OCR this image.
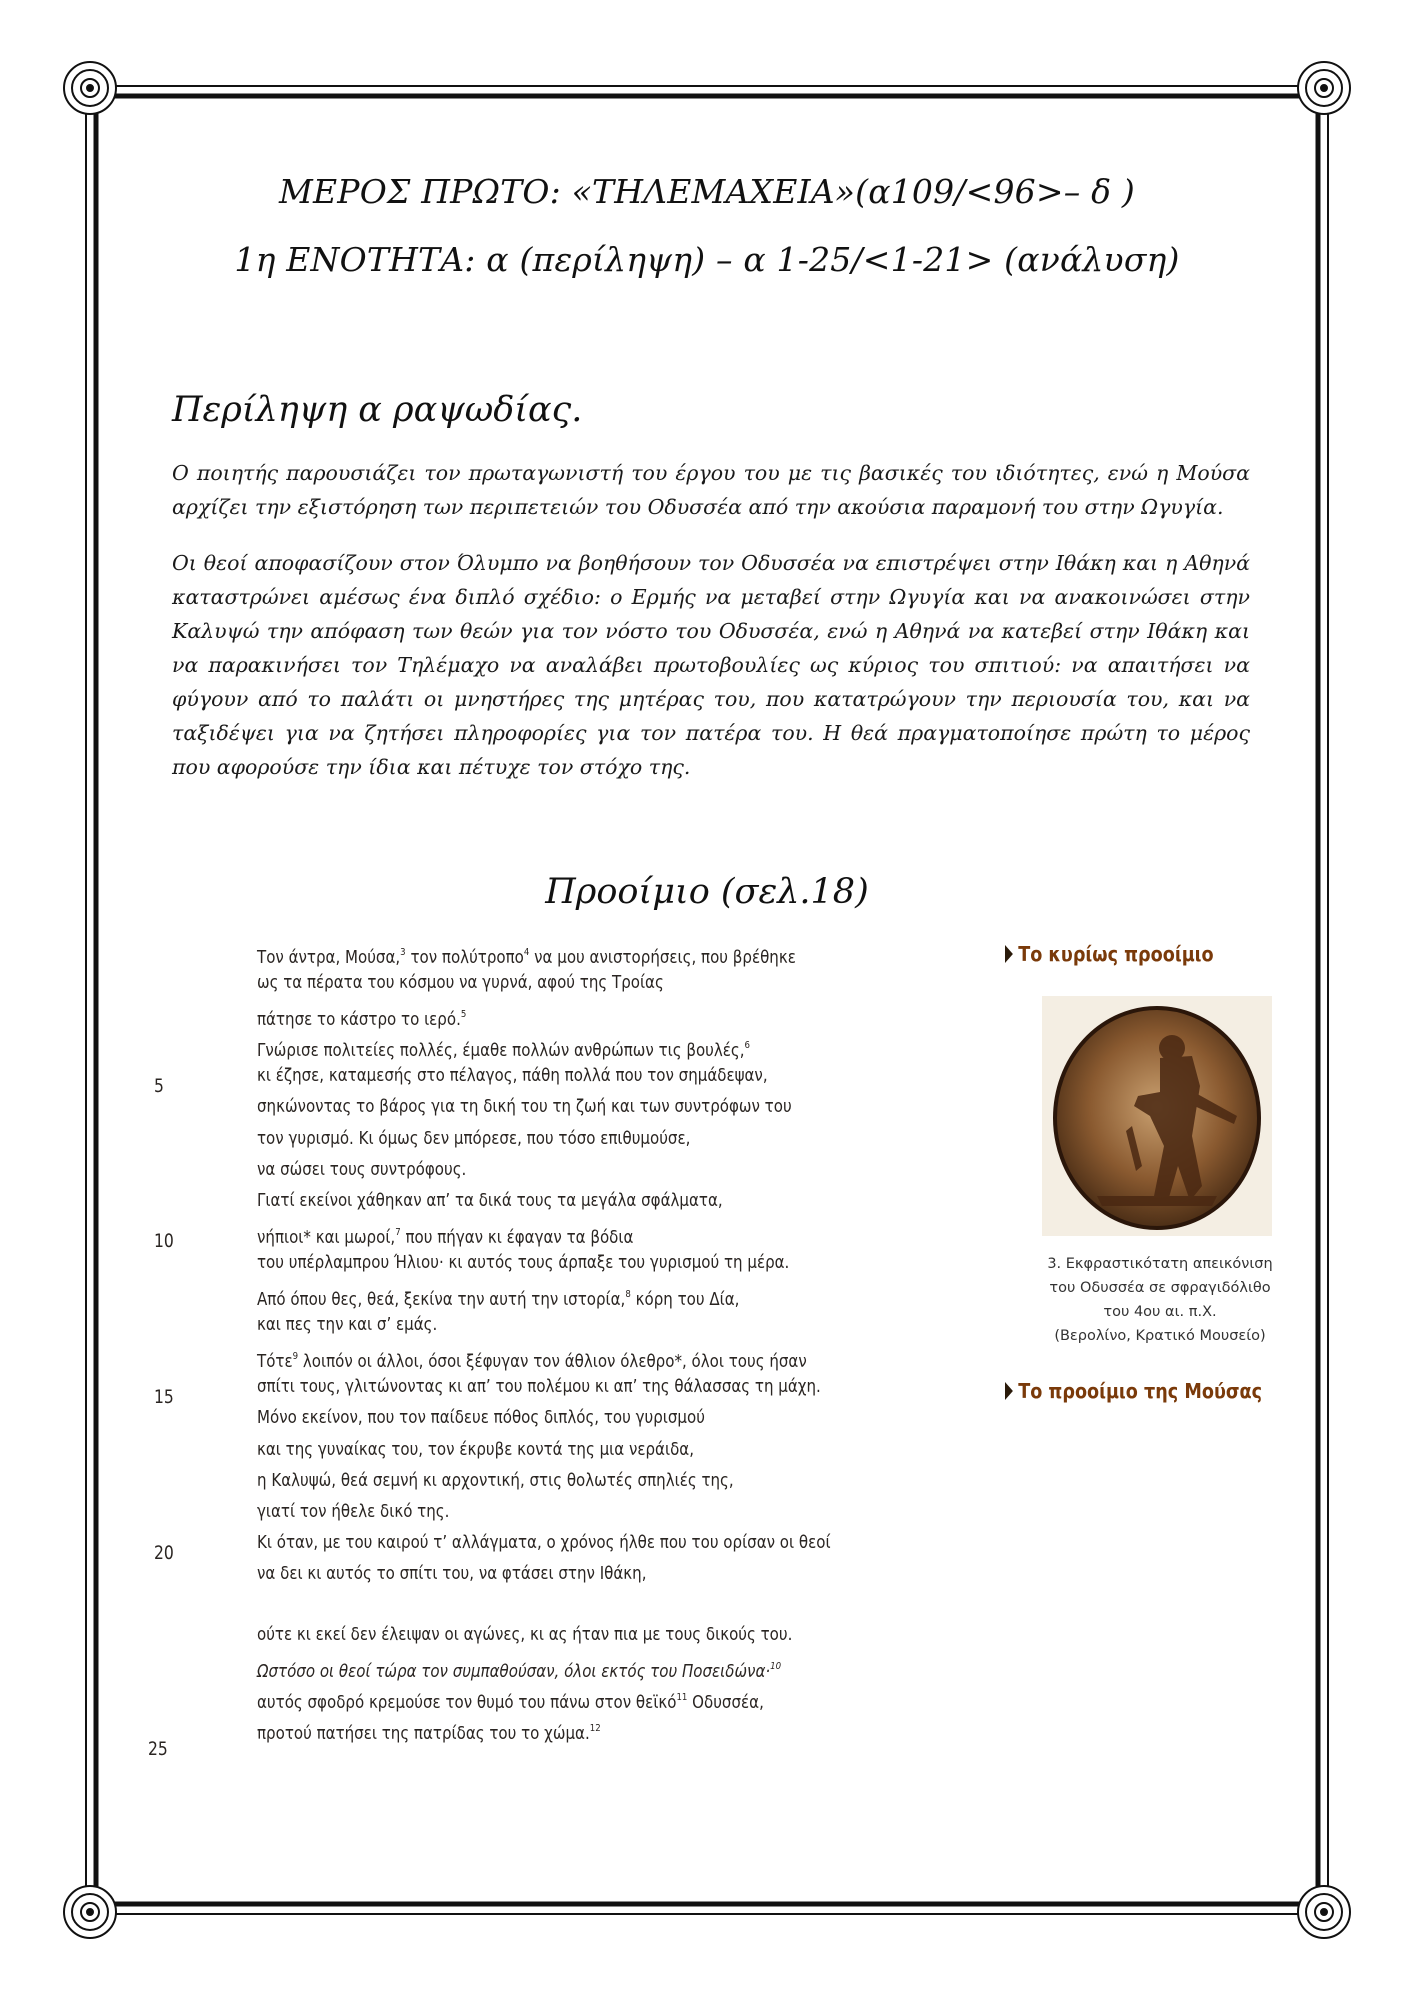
ΜΕΡΟΣ ΠΡΩΤΟ: «ΤΗΛΕΜΑΧΕΙΑ»(α109/<96>– δ )
1η ΕΝΟΤΗΤΑ: α (περίληψη) – α 1-25/<1-21> (ανάλυση)
Περίληψη α ραψωδίας.
Ο ποιητής παρουσιάζει τον πρωταγωνιστή του έργου του με τις βασικές του ιδιότητες, ενώ η Μούσα αρχίζει την εξιστόρηση των περιπετειών του Οδυσσέα από την ακούσια παραμονή του στην Ωγυγία.
Οι θεοί αποφασίζουν στον Όλυμπο να βοηθήσουν τον Οδυσσέα να επιστρέψει στην Ιθάκη και η Αθηνά καταστρώνει αμέσως ένα διπλό σχέδιο: ο Ερμής να μεταβεί στην Ωγυγία και να ανακοινώσει στην Καλυψώ την απόφαση των θεών για τον νόστο του Οδυσσέα, ενώ η Αθηνά να κατεβεί στην Ιθάκη και να παρακινήσει τον Τηλέμαχο να αναλάβει πρωτοβουλίες ως κύριος του σπιτιού: να απαιτήσει να φύγουν από το παλάτι οι μνηστήρες της μητέρας του, που κατατρώγουν την περιουσία του, και να ταξιδέψει για να ζητήσει πληροφορίες για τον πατέρα του. Η θεά πραγματοποίησε πρώτη το μέρος που αφορούσε την ίδια και πέτυχε τον στόχο της.
Προοίμιο (σελ.18)
5
10
15
20
25
Τον άντρα, Μούσα,$^3$ τον πολύτροπο$^4$ να μου ανιστορήσεις, που βρέθηκε
ως τα πέρατα του κόσμου να γυρνά, αφού της Τροίας
πάτησε το κάστρο το ιερό.$^5$
Γνώρισε πολιτείες πολλές, έμαθε πολλών ανθρώπων τις βουλές,$^6$
κι έζησε, καταμεσής στο πέλαγος, πάθη πολλά που τον σημάδεψαν,
σηκώνοντας το βάρος για τη δική του τη ζωή και των συντρόφων του
τον γυρισμό. Κι όμως δεν μπόρεσε, που τόσο επιθυμούσε,
να σώσει τους συντρόφους.
Γιατί εκείνοι χάθηκαν απ’ τα δικά τους τα μεγάλα σφάλματα,
νήπιοι* και μωροί,$^7$ που πήγαν κι έφαγαν τα βόδια
του υπέρλαμπρου Ήλιου· κι αυτός τους άρπαξε του γυρισμού τη μέρα.
Από όπου θες, θεά, ξεκίνα την αυτή την ιστορία,$^8$ κόρη του Δία,
και πες την και σ’ εμάς.
Τότε$^9$ λοιπόν οι άλλοι, όσοι ξέφυγαν τον άθλιον όλεθρο*, όλοι τους ήσαν
σπίτι τους, γλιτώνοντας κι απ’ του πολέμου κι απ’ της θάλασσας τη μάχη.
Μόνο εκείνον, που τον παίδευε πόθος διπλός, του γυρισμού
και της γυναίκας του, τον έκρυβε κοντά της μια νεράιδα,
η Καλυψώ, θεά σεμνή κι αρχοντική, στις θολωτές σπηλιές της,
γιατί τον ήθελε δικό της.
Κι όταν, με του καιρού τ’ αλλάγματα, ο χρόνος ήλθε που του ορίσαν οι θεοί
να δει κι αυτός το σπίτι του, να φτάσει στην Ιθάκη,
ούτε κι εκεί δεν έλειψαν οι αγώνες, κι ας ήταν πια με τους δικούς του.
Ωστόσο οι θεοί τώρα τον συμπαθούσαν, όλοι εκτός του Ποσειδώνα·$^{10}$
αυτός σφοδρό κρεμούσε τον θυμό του πάνω στον θεϊκό$^{11}$ Οδυσσέα,
προτού πατήσει της πατρίδας του το χώμα.$^{12}$
Το κυρίως προοίμιο
3. Εκφραστικότατη απεικόνιση
του Οδυσσέα σε σφραγιδόλιθο
του 4ου αι. π.Χ.
(Βερολίνο, Κρατικό Μουσείο)
Το προοίμιο της Μούσας
